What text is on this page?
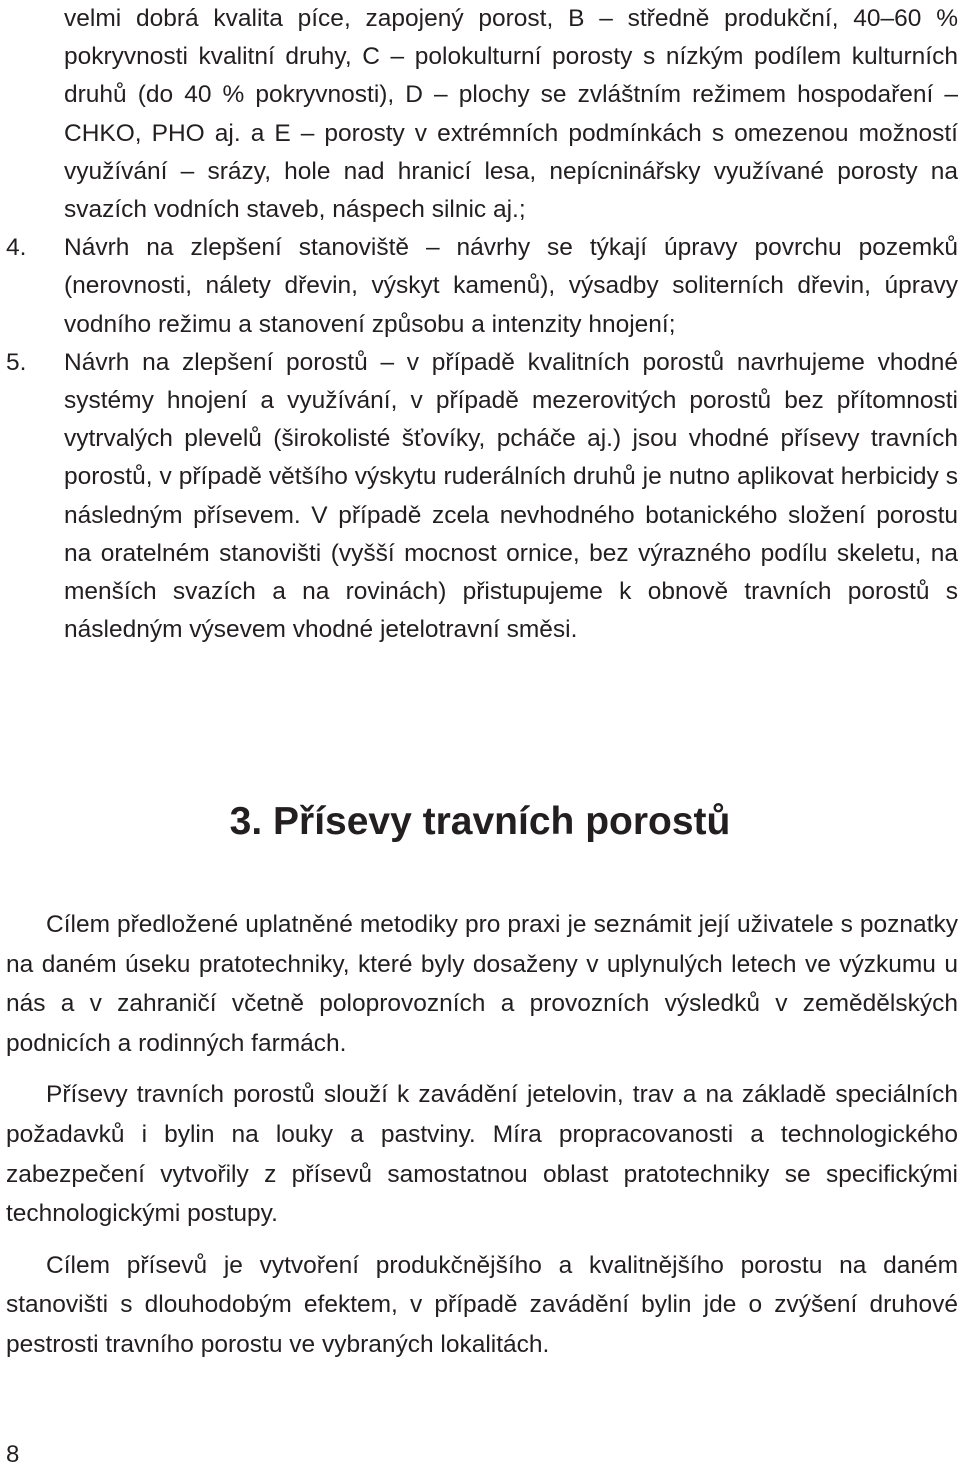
velmi dobrá kvalita píce, zapojený porost, B – středně produkční, 40–60 % pokryvnosti kvalitní druhy, C – polokulturní porosty s nízkým podílem kulturních druhů (do 40 % pokryvnosti), D – plochy se zvláštním režimem hospodaření – CHKO, PHO aj. a E – porosty v extrémních podmínkách s omezenou možností využívání – srázy, hole nad hranicí lesa, nepícninářsky využívané porosty na svazích vodních staveb, náspech silnic aj.;
4. Návrh na zlepšení stanoviště – návrhy se týkají úpravy povrchu pozemků (nerovnosti, nálety dřevin, výskyt kamenů), výsadby soliterních dřevin, úpravy vodního režimu a stanovení způsobu a intenzity hnojení;
5. Návrh na zlepšení porostů – v případě kvalitních porostů navrhujeme vhodné systémy hnojení a využívání, v případě mezerovitých porostů bez přítomnosti vytrvalých plevelů (širokolisté šťovíky, pcháče aj.) jsou vhodné přísevy travních porostů, v případě většího výskytu ruderálních druhů je nutno aplikovat herbicidy s následným přísevem. V případě zcela nevhodného botanického složení porostu na oratelném stanovišti (vyšší mocnost ornice, bez výrazného podílu skeletu, na menších svazích a na rovinách) přistupujeme k obnově travních porostů s následným výsevem vhodné jetelotravní směsi.
3. Přísevy travních porostů

Cílem předložené uplatněné metodiky pro praxi je seznámit její uživatele s poznatky na daném úseku pratotechniky, které byly dosaženy v uplynulých letech ve výzkumu u nás a v zahraničí včetně poloprovozních a provozních výsledků v zemědělských podnicích a rodinných farmách.

Přísevy travních porostů slouží k zavádění jetelovin, trav a na základě speciálních požadavků i bylin na louky a pastviny. Míra propracovanosti a technologického zabezpečení vytvořily z přísevů samostatnou oblast pratotechniky se specifickými technologickými postupy.

Cílem přísevů je vytvoření produkčnějšího a kvalitnějšího porostu na daném stanovišti s dlouhodobým efektem, v případě zavádění bylin jde o zvýšení druhové pestrosti travního porostu ve vybraných lokalitách.

8
